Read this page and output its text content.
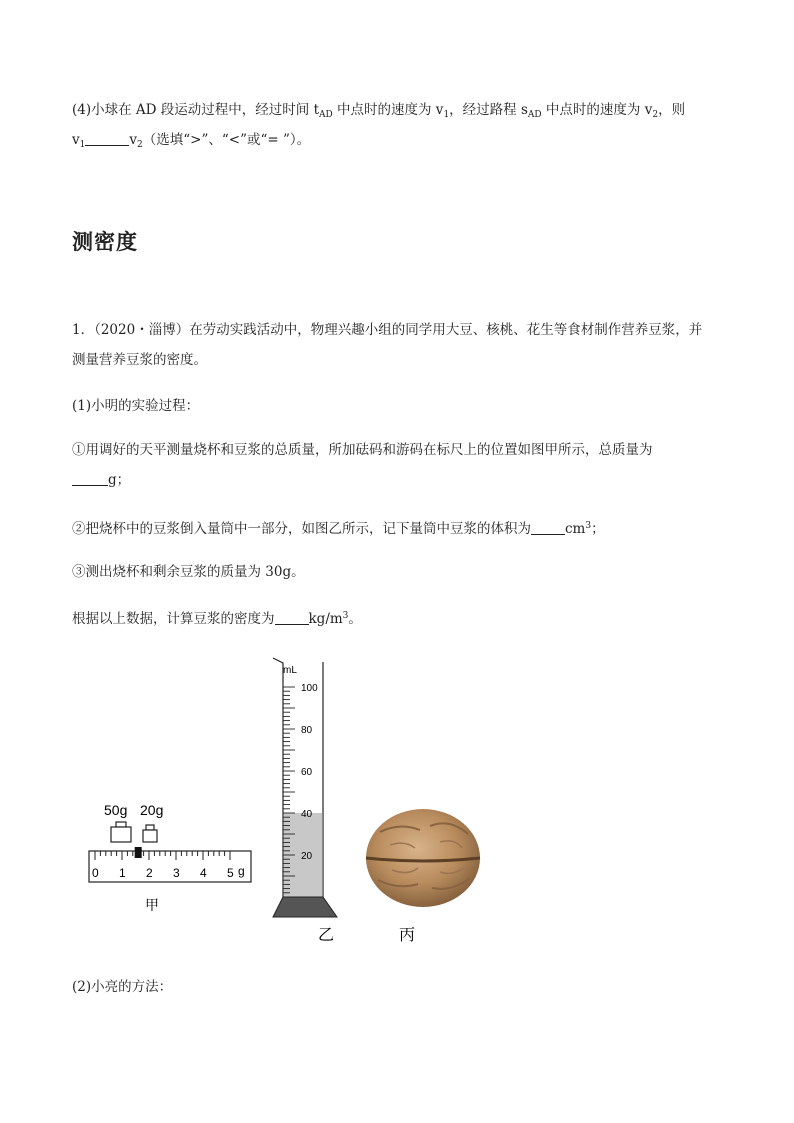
(4)小球在 AD 段运动过程中，经过时间 $t_{AD}$ 中点时的速度为 $v_1$，经过路程 $s_{AD}$ 中点时的速度为 $v_2$，则
$v_1$	$v_2$（选填“>”、“<”或“= ”）。
测密度
1．（2020・淄博）在劳动实践活动中，物理兴趣小组的同学用大豆、核桃、花生等食材制作营养豆浆，并
测量营养豆浆的密度。
(1)小明的实验过程：
①用调好的天平测量烧杯和豆浆的总质量，所加砝码和游码在标尺上的位置如图甲所示，总质量为
g；
②把烧杯中的豆浆倒入量筒中一部分，如图乙所示，记下量筒中豆浆的体积为	$cm^3$；
③测出烧杯和剩余豆浆的质量为 30g。
根据以上数据，计算豆浆的密度为	$kg/m^3$。
50g 20g
0 1 2 3 4 5 g
甲
mL
100
80
60
40
20
乙	丙
(2)小亮的方法：
